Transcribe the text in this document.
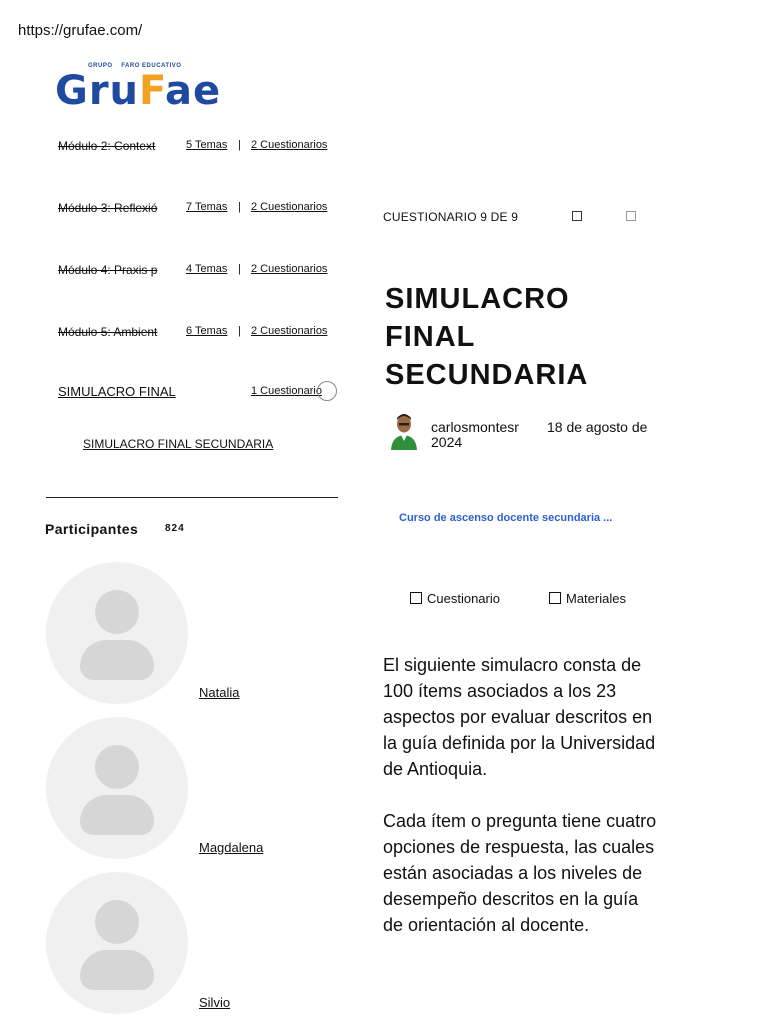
https://grufae.com/
GRUPO FARO EDUCATIVO
GruFae
Módulo 2: Context	5 Temas | 2 Cuestionarios
Módulo 3: Reflexió	7 Temas | 2 Cuestionarios
Módulo 4: Praxis p	4 Temas | 2 Cuestionarios
Módulo 5: Ambient	6 Temas | 2 Cuestionarios
SIMULACRO FINAL	1 Cuestionario
SIMULACRO FINAL SECUNDARIA
Participantes	824
Natalia
Magdalena
Silvio
CUESTIONARIO 9 DE 9
SIMULACRO
FINAL
SECUNDARIA
carlosmontesr 18 de agosto de
2024
Curso de ascenso docente secundaria ...
Cuestionario	Materiales

El siguiente simulacro consta de 100 ítems asociados a los 23 aspectos por evaluar descritos en la guía definida por la Universidad de Antioquia.

Cada ítem o pregunta tiene cuatro opciones de respuesta, las cuales están asociadas a los niveles de desempeño descritos en la guía de orientación al docente.
